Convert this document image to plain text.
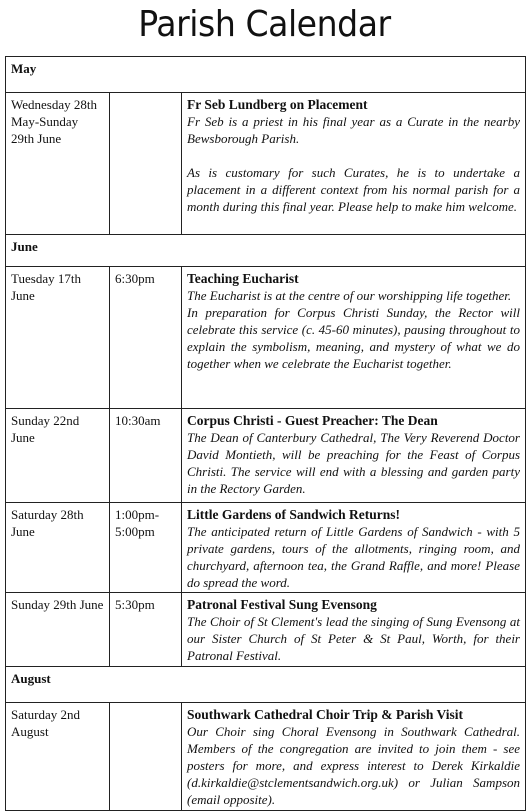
Parish Calendar
May		
Wednesday 28th May-Sunday 29th June		Fr Seb Lundberg on Placement
Fr Seb is a priest in his final year as a Curate in the nearby Bewsborough Parish.
As is customary for such Curates, he is to undertake a placement in a different context from his normal parish for a month during this final year. Please help to make him welcome.

June		
Tuesday 17th June	6:30pm	Teaching Eucharist
The Eucharist is at the centre of our worshipping life together.
In preparation for Corpus Christi Sunday, the Rector will celebrate this service (c. 45-60 minutes), pausing throughout to explain the symbolism, meaning, and mystery of what we do together when we celebrate the Eucharist together.

Sunday 22nd June	10:30am	Corpus Christi - Guest Preacher: The Dean
The Dean of Canterbury Cathedral, The Very Reverend Doctor David Montieth, will be preaching for the Feast of Corpus Christi. The service will end with a blessing and garden party in the Rectory Garden.

Saturday 28th June	1:00pm-5:00pm	Little Gardens of Sandwich Returns!
The anticipated return of Little Gardens of Sandwich - with 5 private gardens, tours of the allotments, ringing room, and churchyard, afternoon tea, the Grand Raffle, and more! Please do spread the word.

Sunday 29th June	5:30pm	Patronal Festival Sung Evensong
The Choir of St Clement's lead the singing of Sung Evensong at our Sister Church of St Peter & St Paul, Worth, for their Patronal Festival.

August		
Saturday 2nd August		Southwark Cathedral Choir Trip & Parish Visit
Our Choir sing Choral Evensong in Southwark Cathedral. Members of the congregation are invited to join them - see posters for more, and express interest to Derek Kirkaldie (d.kirkaldie@stclementsandwich.org.uk) or Julian Sampson (email opposite).
